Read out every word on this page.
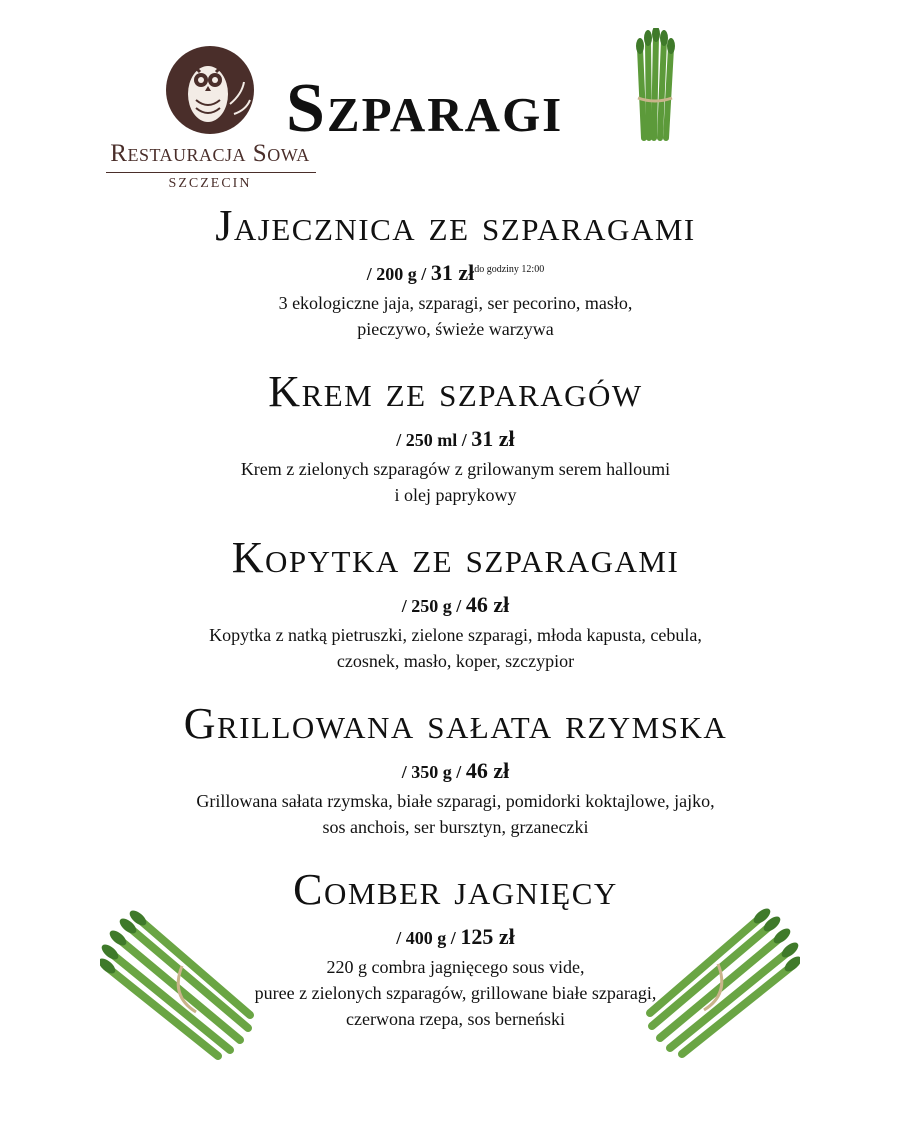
Restauracja Sowa
SZCZECIN
Szparagi
Jajecznica ze szparagami
/ 200 g / 31 zł$^{do godziny 12:00}$
3 ekologiczne jaja, szparagi, ser pecorino, masło,
pieczywo, świeże warzywa
Krem ze szparagów
/ 250 ml / 31 zł
Krem z zielonych szparagów z grilowanym serem halloumi
i olej paprykowy
Kopytka ze szparagami
/ 250 g / 46 zł
Kopytka z natką pietruszki, zielone szparagi, młoda kapusta, cebula,
czosnek, masło, koper, szczypior
Grillowana sałata rzymska
/ 350 g / 46 zł
Grillowana sałata rzymska, białe szparagi, pomidorki koktajlowe, jajko,
sos anchois, ser bursztyn, grzaneczki
Comber jagnięcy
/ 400 g / 125 zł
220 g combra jagnięcego sous vide,
puree z zielonych szparagów, grillowane białe szparagi,
czerwona rzepa, sos berneński
